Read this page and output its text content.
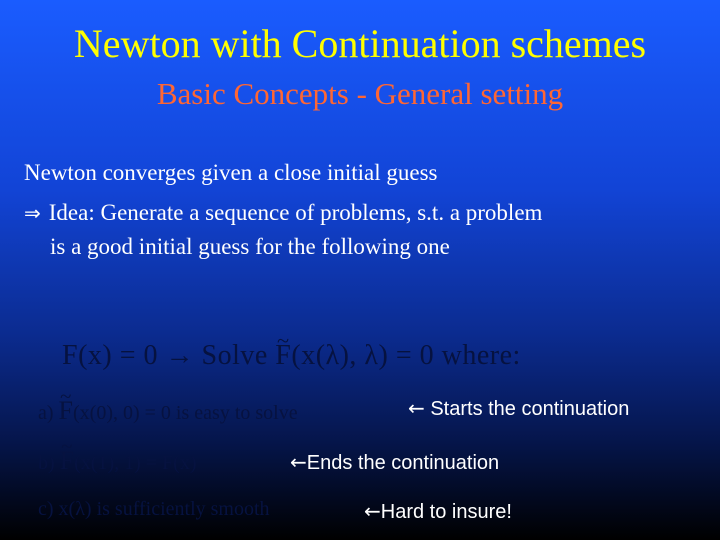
Newton with Continuation schemes
Basic Concepts - General setting
Newton converges given a close initial guess
⇒ Idea: Generate a sequence of problems, s.t. a problem
is a good initial guess for the following one
F(x) = 0 → Solve ~ F(x(λ), λ) = 0 where:
a) ~ F(x(0), 0) = 0 is easy to solve	← Starts the continuation
b) ~ F(x(1), 1) = F(x)	←Ends the continuation
c) x(λ) is sufficiently smooth	←Hard to insure!
